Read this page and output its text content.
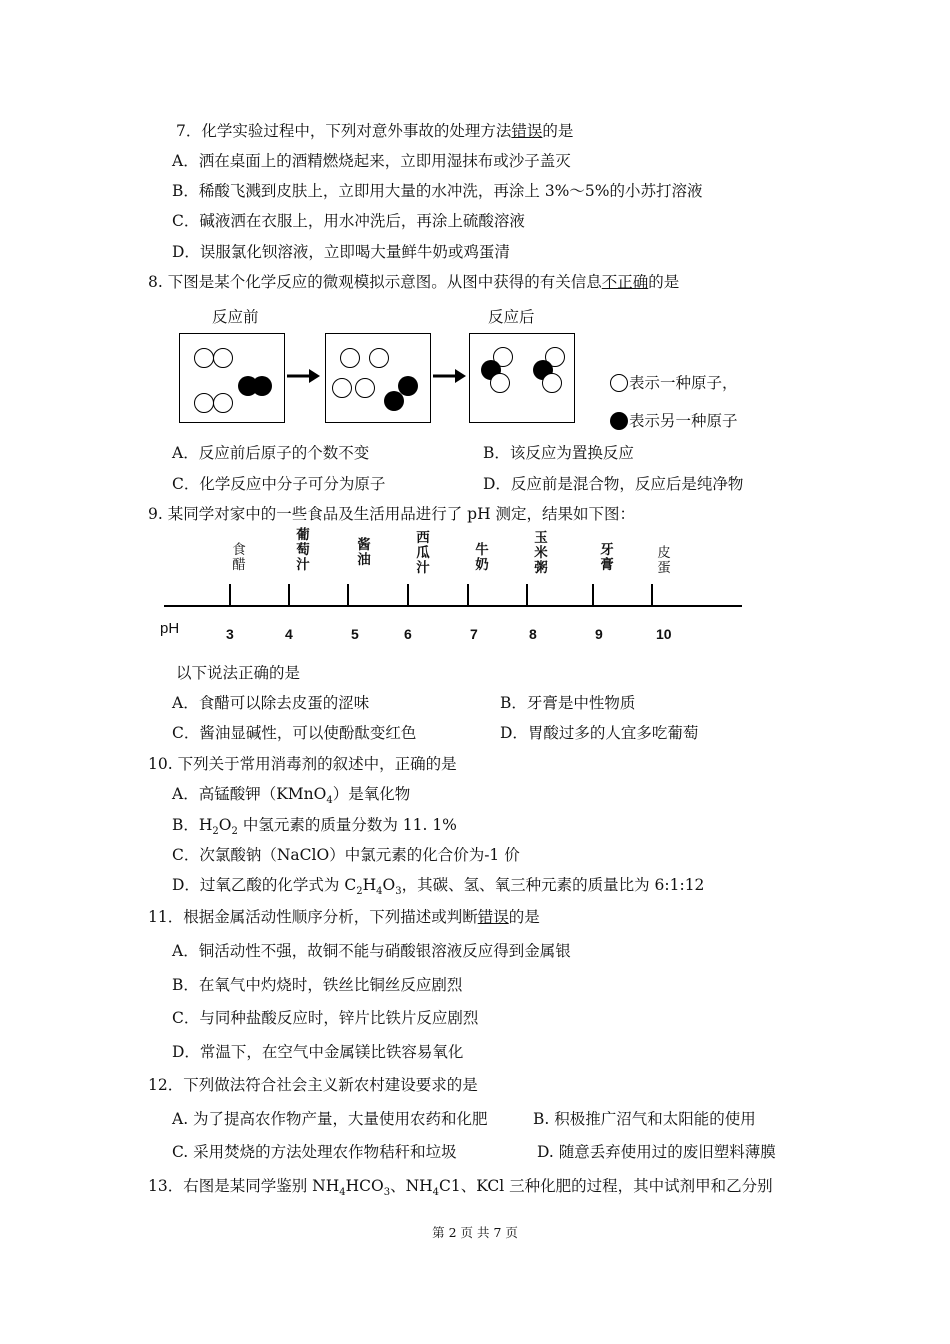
7．化学实验过程中，下列对意外事故的处理方法错误的是
A．洒在桌面上的酒精燃烧起来，立即用湿抹布或沙子盖灭
B．稀酸飞溅到皮肤上，立即用大量的水冲洗，再涂上 3%～5%的小苏打溶液
C．碱液洒在衣服上，用水冲洗后，再涂上硫酸溶液
D．误服氯化钡溶液，立即喝大量鲜牛奶或鸡蛋清
8. 下图是某个化学反应的微观模拟示意图。从图中获得的有关信息不正确的是
反应前	反应后
表示一种原子，
表示另一种原子
A．反应前后原子的个数不变	B．该反应为置换反应
C．化学反应中分子可分为原子	D．反应前是混合物，反应后是纯净物
9. 某同学对家中的一些食品及生活用品进行了 pH 测定，结果如下图：
食
醋
葡
萄
汁
酱
油
西
瓜
汁
牛
奶
玉
米
粥
牙
膏
皮
蛋
pH	3	4	5	6	7	8	9	10
以下说法正确的是
A．食醋可以除去皮蛋的涩味	B．牙膏是中性物质
C．酱油显碱性，可以使酚酞变红色	D．胃酸过多的人宜多吃葡萄
10. 下列关于常用消毒剂的叙述中，正确的是
A．高锰酸钾（KMnO$_4$）是氧化物
B．$H_2O_2$ 中氢元素的质量分数为 11. 1%
C．次氯酸钠（NaClO）中氯元素的化合价为-1 价
D．过氧乙酸的化学式为 $C_2H_4O_3$，其碳、氢、氧三种元素的质量比为 6:1:12
11．根据金属活动性顺序分析，下列描述或判断错误的是
A．铜活动性不强，故铜不能与硝酸银溶液反应得到金属银
B．在氧气中灼烧时，铁丝比铜丝反应剧烈
C．与同种盐酸反应时，锌片比铁片反应剧烈
D．常温下，在空气中金属镁比铁容易氧化
12．下列做法符合社会主义新农村建设要求的是
A. 为了提高农作物产量，大量使用农药和化肥	B. 积极推广沼气和太阳能的使用
C. 采用焚烧的方法处理农作物秸秆和垃圾	D. 随意丢弃使用过的废旧塑料薄膜
13．右图是某同学鉴别 $NH_4HCO_3$、$NH_4C1$、KCl 三种化肥的过程，其中试剂甲和乙分别
第 2 页 共 7 页
